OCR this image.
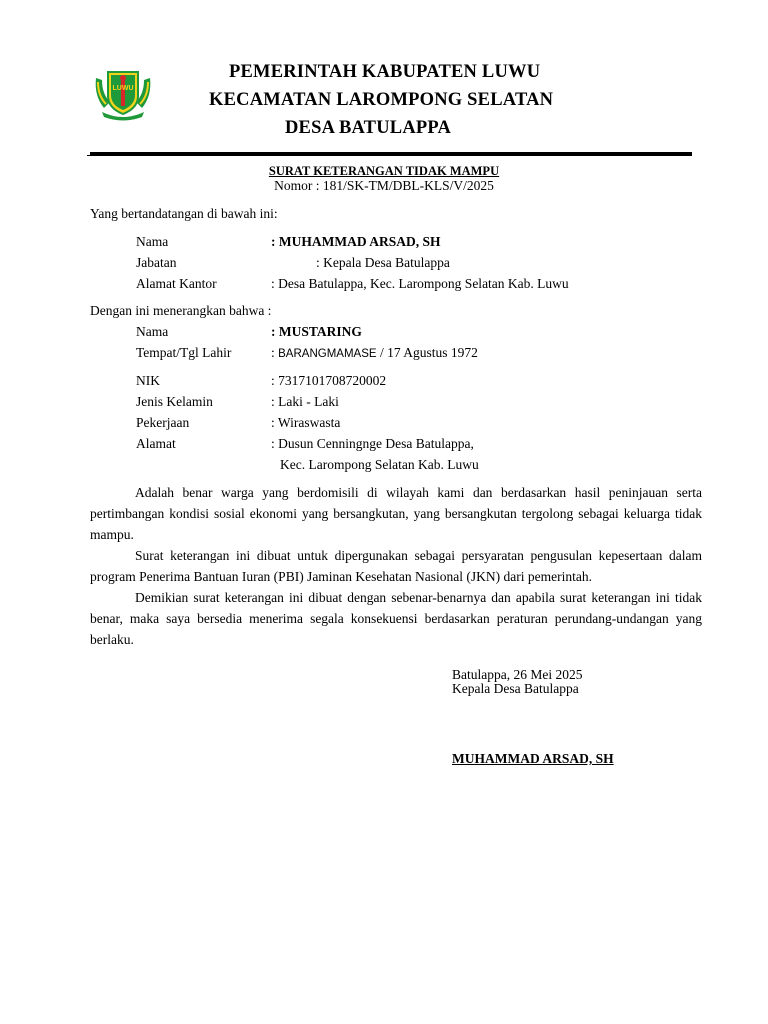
LUWU
PEMERINTAH KABUPATEN LUWU
KECAMATAN LAROMPONG SELATAN
DESA BATULAPPA
SURAT KETERANGAN TIDAK MAMPU
Nomor : 181/SK-TM/DBL-KLS/V/2025
Yang bertandatangan di bawah ini:
Nama	: MUHAMMAD ARSAD, SH
Jabatan	: Kepala Desa Batulappa
Alamat Kantor	: Desa Batulappa, Kec. Larompong Selatan Kab. Luwu
Dengan ini menerangkan bahwa :
Nama	: MUSTARING
Tempat/Tgl Lahir	: BARANGMAMASE / 17 Agustus 1972
NIK	: 7317101708720002
Jenis Kelamin	: Laki - Laki
Pekerjaan	: Wiraswasta
Alamat	: Dusun Cenningnge Desa Batulappa,
Kec. Larompong Selatan Kab. Luwu

Adalah benar warga yang berdomisili di wilayah kami dan berdasarkan hasil peninjauan serta pertimbangan kondisi sosial ekonomi yang bersangkutan, yang bersangkutan tergolong sebagai keluarga tidak mampu.

Surat keterangan ini dibuat untuk dipergunakan sebagai persyaratan pengusulan kepesertaan dalam program Penerima Bantuan Iuran (PBI) Jaminan Kesehatan Nasional (JKN) dari pemerintah.

Demikian surat keterangan ini dibuat dengan sebenar-benarnya dan apabila surat keterangan ini tidak benar, maka saya bersedia menerima segala konsekuensi berdasarkan peraturan perundang-undangan yang berlaku.

Batulappa, 26 Mei 2025
Kepala Desa Batulappa
MUHAMMAD ARSAD, SH
